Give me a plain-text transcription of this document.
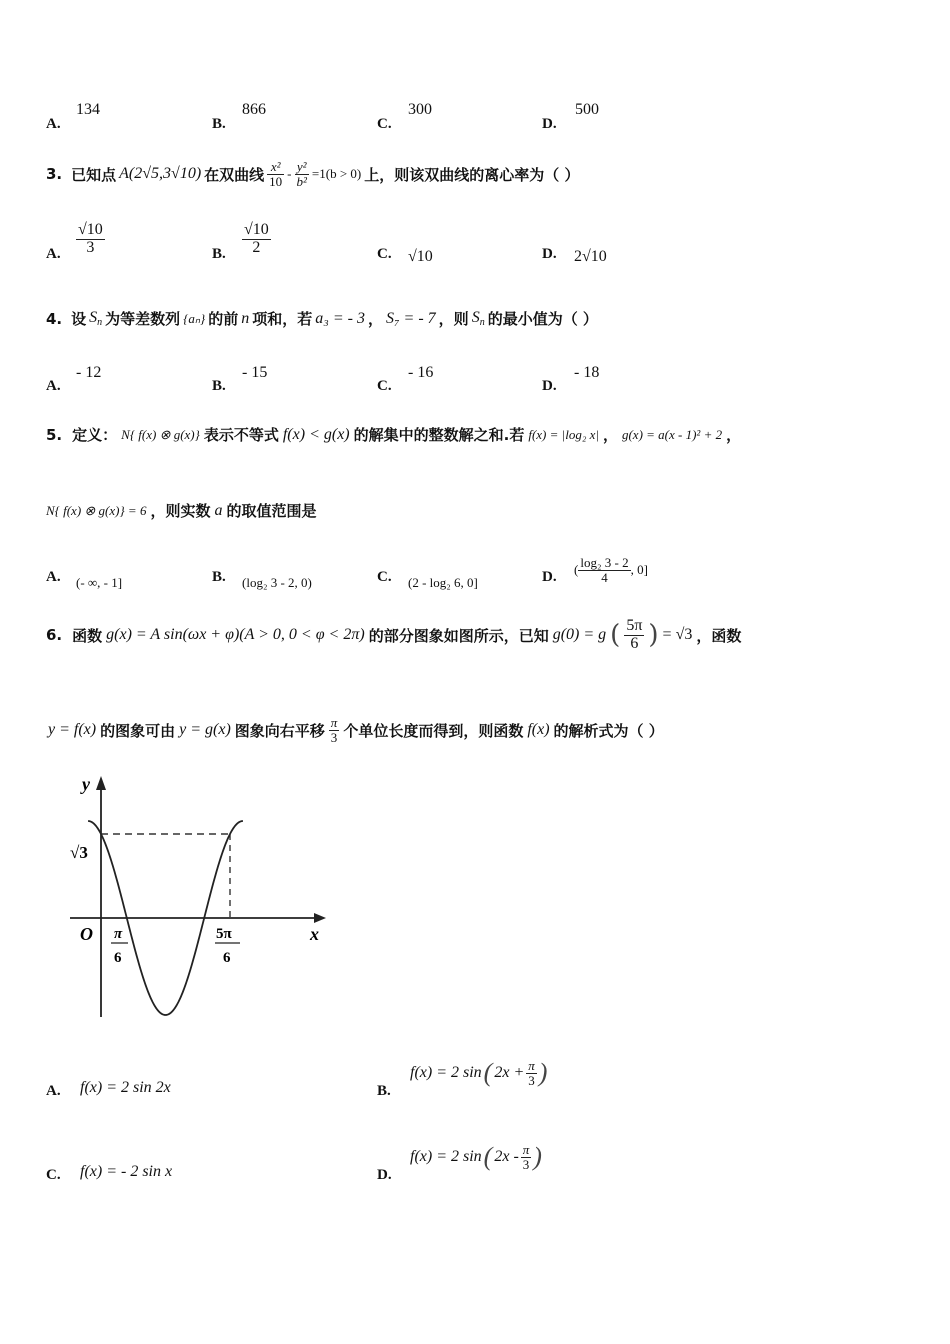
A.
134
B.
866
C.
300
D.
500
3. 已知点 A(2√5,3√10) 在双曲线 $\frac{\text{x²}}{10} - \frac{\text{y²}}{\text{b²}} =1(b > 0)$ 上，则该双曲线的离心率为（ ）
A. $\frac{√10}{3}$	B. $\frac{√10}{2}$	C. √10	D. 2√10
4. 设 $S_n$ 为等差数列 {aₙ} 的前 n 项和，若 a₃ = - 3 ， S₇ = - 7 ，则 $S_n$ 的最小值为（ ）
A.
- 12
B.
- 15
C.
- 16
D.
- 18
5. 定义： N{ f(x) ⊗ g(x)} 表示不等式 f(x) < g(x) 的解集中的整数解之和.若 f(x) = |log₂ x| ， g(x) = a(x - 1)² + 2 ，
N{ f(x) ⊗ g(x)} = 6 ，则实数 a 的取值范围是
A. (- ∞, - 1]	B. (log₂ 3 - 2, 0)	C. (2 - log₂ 6, 0]	D. ( $\frac{\text{log₂ 3 - 2}}{4}$ , 0]
6. 函数 g(x) = A sin(ωx + φ)(A > 0, 0 < φ < 2π) 的部分图象如图所示，已知 g(0) = g ( $\frac{5\pi}{6}$ ) = √3 ，函数
y = f(x) 的图象可由 y = g(x) 图象向右平移 $\frac{\pi}{3}$ 个单位长度而得到，则函数 f(x) 的解析式为（ ）
y
x
O
√3
π
6
5π
6
A. f(x) = 2 sin 2x	B.
f(x) = 2 sin ( $2x + \frac{\pi}{3}$ )
C. f(x) = - 2 sin x	D.
f(x) = 2 sin ( $2x - \frac{\pi}{3}$ )
